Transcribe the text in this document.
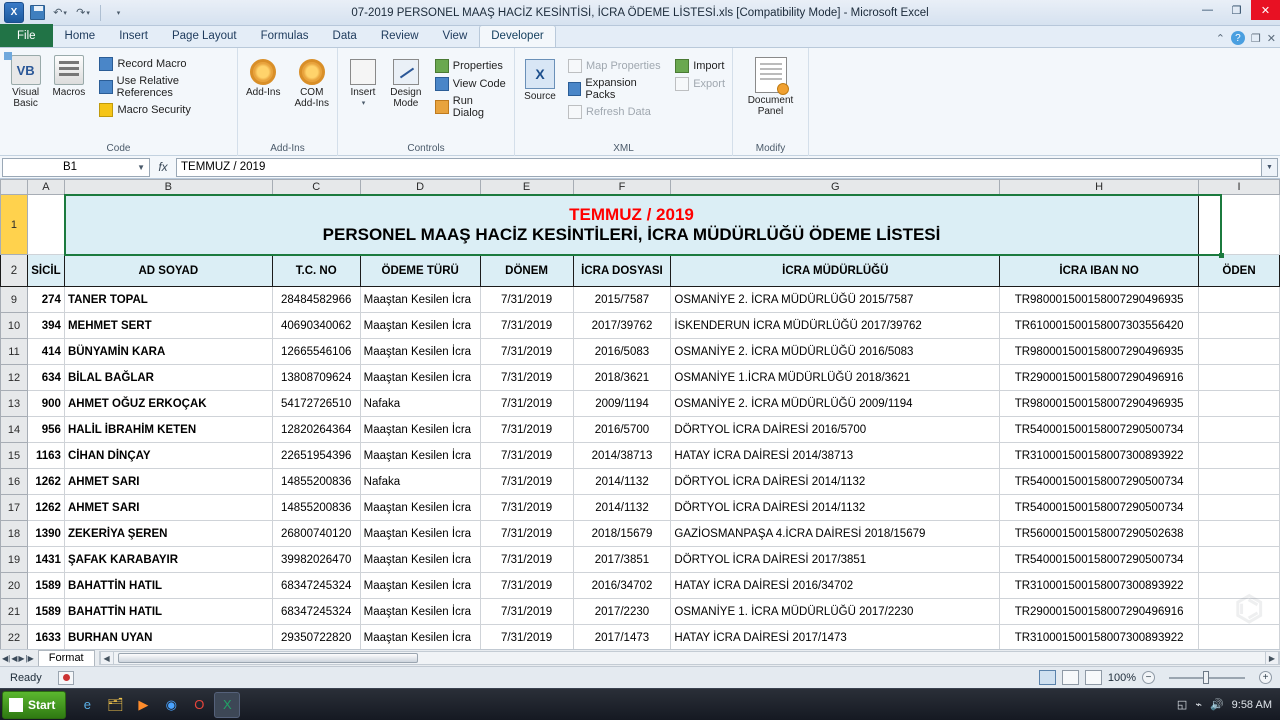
X	↶ ▾ ↷ ▾	▾	07-2019 PERSONEL MAAŞ HACİZ KESİNTİSİ, İCRA ÖDEME LİSTESİ.xls [Compatibility Mode] - Microsoft Excel	—	❐	✕
File	Home	Insert	Page Layout	Formulas	Data	Review	View	Developer	⌃	? ❐ ✕
VB
Visual Basic
Macros
Record Macro
Use Relative References
Macro Security
Code
Add-Ins	COM Add-Ins
Add-Ins
Insert
▾
Design Mode
Properties
View Code
Run Dialog
Controls
X
Source
Map Properties
Expansion Packs
Refresh Data
Import
Export
XML
Document Panel
Modify
B1	▼	fx	TEMMUZ / 2019	▼
	A	B	C	D	E	F	G	H	I
1		TEMMUZ / 2019
PERSONEL MAAŞ HACİZ KESİNTİLERİ, İCRA MÜDÜRLÜĞÜ ÖDEME LİSTESİ							

2	SİCİL	AD SOYAD	T.C. NO	ÖDEME TÜRÜ	DÖNEM	İCRA DOSYASI	İCRA MÜDÜRLÜĞÜ	İCRA IBAN NO	ÖDEN
9	274	TANER TOPAL	28484582966	Maaştan Kesilen İcra	7/31/2019	2015/7587	OSMANİYE 2. İCRA MÜDÜRLÜĞÜ 2015/7587	TR980001500158007290496935	
10	394	MEHMET SERT	40690340062	Maaştan Kesilen İcra	7/31/2019	2017/39762	İSKENDERUN İCRA MÜDÜRLÜĞÜ 2017/39762	TR610001500158007303556420	
11	414	BÜNYAMİN KARA	12665546106	Maaştan Kesilen İcra	7/31/2019	2016/5083	OSMANİYE 2. İCRA MÜDÜRLÜĞÜ 2016/5083	TR980001500158007290496935	
12	634	BİLAL BAĞLAR	13808709624	Maaştan Kesilen İcra	7/31/2019	2018/3621	OSMANİYE 1.İCRA MÜDÜRLÜĞÜ 2018/3621	TR290001500158007290496916	
13	900	AHMET OĞUZ ERKOÇAK	54172726510	Nafaka	7/31/2019	2009/1194	OSMANİYE 2. İCRA MÜDÜRLÜĞÜ 2009/1194	TR980001500158007290496935	
14	956	HALİL İBRAHİM KETEN	12820264364	Maaştan Kesilen İcra	7/31/2019	2016/5700	DÖRTYOL İCRA DAİRESİ 2016/5700	TR540001500158007290500734	
15	1163	CİHAN DİNÇAY	22651954396	Maaştan Kesilen İcra	7/31/2019	2014/38713	HATAY İCRA DAİRESİ 2014/38713	TR310001500158007300893922	
16	1262	AHMET SARI	14855200836	Nafaka	7/31/2019	2014/1132	DÖRTYOL İCRA DAİRESİ 2014/1132	TR540001500158007290500734	
17	1262	AHMET SARI	14855200836	Maaştan Kesilen İcra	7/31/2019	2014/1132	DÖRTYOL İCRA DAİRESİ 2014/1132	TR540001500158007290500734	
18	1390	ZEKERİYA ŞEREN	26800740120	Maaştan Kesilen İcra	7/31/2019	2018/15679	GAZİOSMANPAŞA 4.İCRA DAİRESİ 2018/15679	TR560001500158007290502638	
19	1431	ŞAFAK KARABAYIR	39982026470	Maaştan Kesilen İcra	7/31/2019	2017/3851	DÖRTYOL İCRA DAİRESİ 2017/3851	TR540001500158007290500734	
20	1589	BAHATTİN HATIL	68347245324	Maaştan Kesilen İcra	7/31/2019	2016/34702	HATAY İCRA DAİRESİ 2016/34702	TR310001500158007300893922	
21	1589	BAHATTİN HATIL	68347245324	Maaştan Kesilen İcra	7/31/2019	2017/2230	OSMANİYE 1. İCRA MÜDÜRLÜĞÜ 2017/2230	TR290001500158007290496916	
22	1633	BURHAN UYAN	29350722820	Maaştan Kesilen İcra	7/31/2019	2017/1473	HATAY İCRA DAİRESİ 2017/1473	TR310001500158007300893922	
⌬
◀| ◀ ▶ |▶	Format	◀	▶
Ready	100% −	+
Start	e	🗂	▶	◉	O	X	◱ ⌁ 🔊 9:58 AM
